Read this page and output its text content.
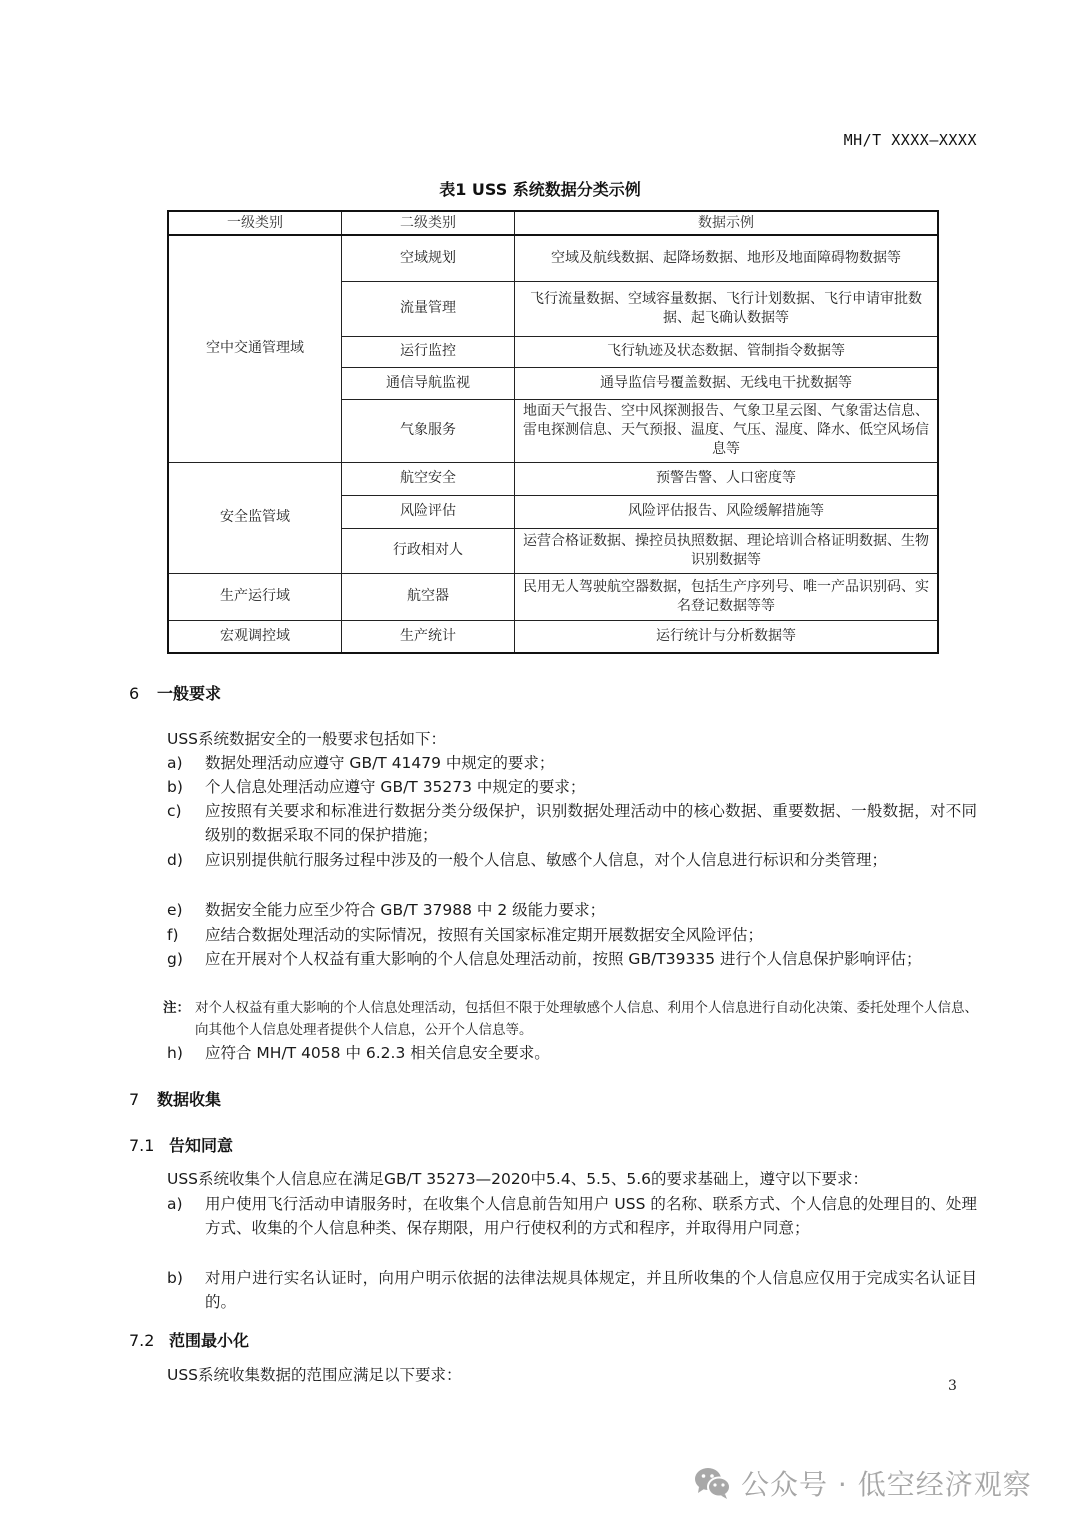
MH/T XXXX—XXXX
表1 USS 系统数据分类示例
一级类别	二级类别	数据示例
空中交通管理域	空域规划	空域及航线数据、起降场数据、地形及地面障碍物数据等
	流量管理	飞行流量数据、空域容量数据、飞行计划数据、飞行申请审批数据、起飞确认数据等
	运行监控	飞行轨迹及状态数据、管制指令数据等
	通信导航监视	通导监信号覆盖数据、无线电干扰数据等
	气象服务	地面天气报告、空中风探测报告、气象卫星云图、气象雷达信息、雷电探测信息、天气预报、温度、气压、湿度、降水、低空风场信息等
安全监管域	航空安全	预警告警、人口密度等
	风险评估	风险评估报告、风险缓解措施等
	行政相对人	运营合格证数据、操控员执照数据、理论培训合格证明数据、生物识别数据等
生产运行域	航空器	民用无人驾驶航空器数据，包括生产序列号、唯一产品识别码、实名登记数据等等
宏观调控域	生产统计	运行统计与分析数据等
6 一般要求
USS系统数据安全的一般要求包括如下：
a)	数据处理活动应遵守 GB/T 41479 中规定的要求；
b)	个人信息处理活动应遵守 GB/T 35273 中规定的要求；
c)	应按照有关要求和标准进行数据分类分级保护，识别数据处理活动中的核心数据、重要数据、一般数据，对不同级别的数据采取不同的保护措施；
d)	应识别提供航行服务过程中涉及的一般个人信息、敏感个人信息，对个人信息进行标识和分类管理；
e)	数据安全能力应至少符合 GB/T 37988 中 2 级能力要求；
f)	应结合数据处理活动的实际情况，按照有关国家标准定期开展数据安全风险评估；
g)	应在开展对个人权益有重大影响的个人信息处理活动前，按照 GB/T39335 进行个人信息保护影响评估；
注： 对个人权益有重大影响的个人信息处理活动，包括但不限于处理敏感个人信息、利用个人信息进行自动化决策、委托处理个人信息、向其他个人信息处理者提供个人信息，公开个人信息等。
h)	应符合 MH/T 4058 中 6.2.3 相关信息安全要求。
7 数据收集
7.1 告知同意
USS系统收集个人信息应在满足GB/T 35273—2020中5.4、5.5、5.6的要求基础上，遵守以下要求：
a)	用户使用飞行活动申请服务时，在收集个人信息前告知用户 USS 的名称、联系方式、个人信息的处理目的、处理方式、收集的个人信息种类、保存期限，用户行使权利的方式和程序，并取得用户同意；
b)	对用户进行实名认证时，向用户明示依据的法律法规具体规定，并且所收集的个人信息应仅用于完成实名认证目的。
7.2 范围最小化
USS系统收集数据的范围应满足以下要求：
3
公众号 · 低空经济观察
